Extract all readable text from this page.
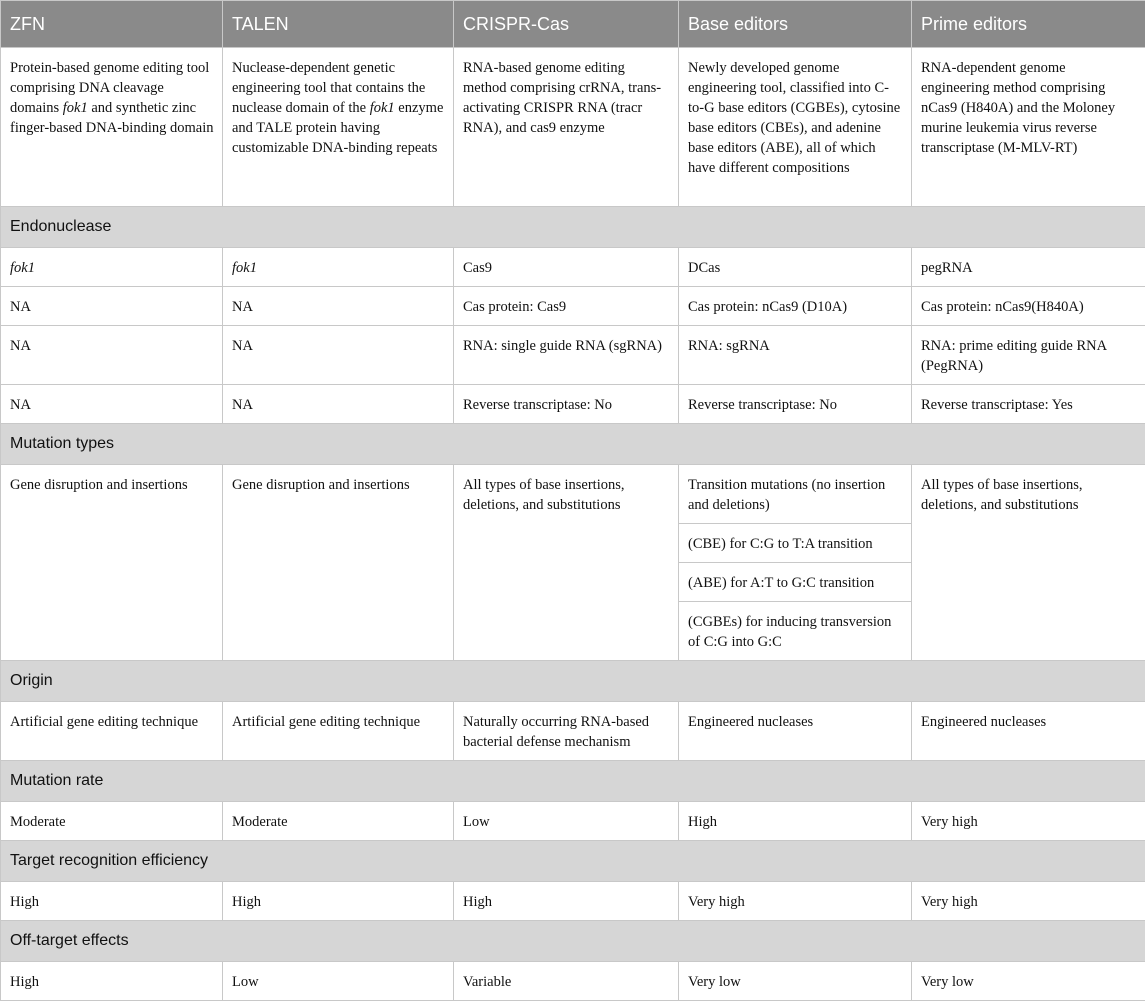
ZFN	TALEN	CRISPR-Cas	Base editors	Prime editors
Protein-based genome editing tool comprising DNA cleavage domains fok1 and synthetic zinc finger-based DNA-binding domain	Nuclease-dependent genetic engineering tool that contains the nuclease domain of the fok1 enzyme and TALE protein having customizable DNA-binding repeats	RNA-based genome editing method comprising crRNA, trans-activating CRISPR RNA (tracr RNA), and cas9 enzyme	Newly developed genome engineering tool, classified into C-to-G base editors (CGBEs), cytosine base editors (CBEs), and adenine base editors (ABE), all of which have different compositions	RNA-dependent genome engineering method comprising nCas9 (H840A) and the Moloney murine leukemia virus reverse transcriptase (M-MLV-RT)
Endonuclease				
fok1	fok1	Cas9	DCas	pegRNA
NA	NA	Cas protein: Cas9	Cas protein: nCas9 (D10A)	Cas protein: nCas9(H840A)
NA	NA	RNA: single guide RNA (sgRNA)	RNA: sgRNA	RNA: prime editing guide RNA (PegRNA)
NA	NA	Reverse transcriptase: No	Reverse transcriptase: No	Reverse transcriptase: Yes
Mutation types				
Gene disruption and insertions	Gene disruption and insertions	All types of base insertions, deletions, and substitutions	Transition mutations (no insertion and deletions)	All types of base insertions, deletions, and substitutions
			(CBE) for C:G to T:A transition	
			(ABE) for A:T to G:C transition	
			(CGBEs) for inducing transversion of C:G into G:C	
Origin				
Artificial gene editing technique	Artificial gene editing technique	Naturally occurring RNA-based bacterial defense mechanism	Engineered nucleases	Engineered nucleases
Mutation rate				
Moderate	Moderate	Low	High	Very high
Target recognition efficiency				
High	High	High	Very high	Very high
Off-target effects				
High	Low	Variable	Very low	Very low
